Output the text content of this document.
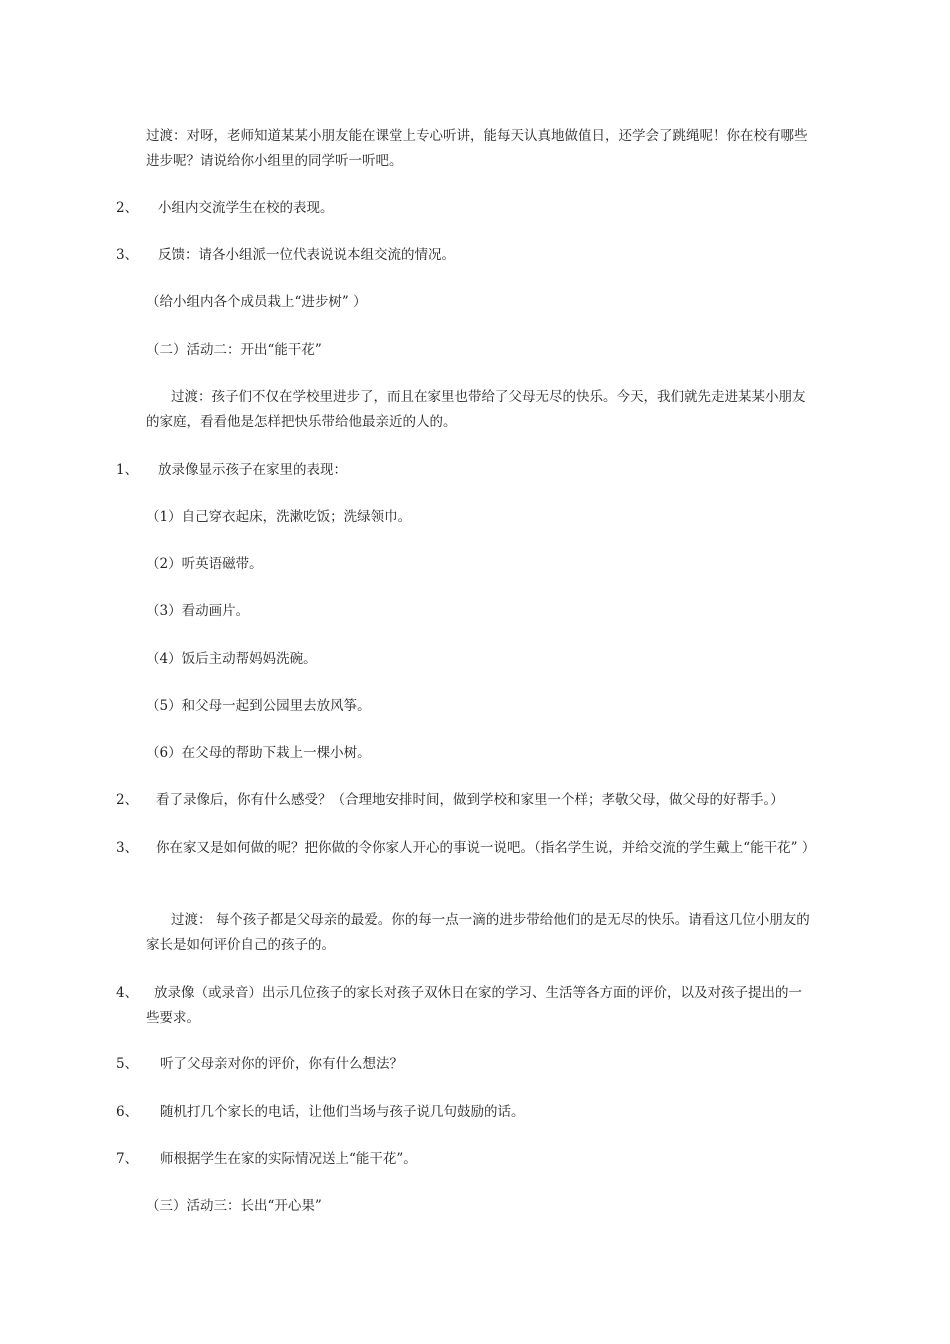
过渡：对呀，老师知道某某小朋友能在课堂上专心听讲，能每天认真地做值日，还学会了跳绳呢！你在校有哪些进步呢？请说给你小组里的同学听一听吧。
2、 小组内交流学生在校的表现。
3、 反馈：请各小组派一位代表说说本组交流的情况。
（给小组内各个成员栽上“进步树” ）
（二）活动二：开出“能干花”
过渡：孩子们不仅在学校里进步了，而且在家里也带给了父母无尽的快乐。今天，我们就先走进某某小朋友的家庭，看看他是怎样把快乐带给他最亲近的人的。
1、 放录像显示孩子在家里的表现：
（1）自己穿衣起床，洗漱吃饭；洗绿领巾。
（2）听英语磁带。
（3）看动画片。
（4）饭后主动帮妈妈洗碗。
（5）和父母一起到公园里去放风筝。
（6）在父母的帮助下栽上一棵小树。
2、 看了录像后，你有什么感受？（合理地安排时间，做到学校和家里一个样；孝敬父母，做父母的好帮手。）
3、	你在家又是如何做的呢？把你做的令你家人开心的事说一说吧。（指名学生说，并给交流的学生戴上“能干花” ）
过渡： 每个孩子都是父母亲的最爱。你的每一点一滴的进步带给他们的是无尽的快乐。请看这几位小朋友的家长是如何评价自己的孩子的。
4、	放录像（或录音）出示几位孩子的家长对孩子双休日在家的学习、生活等各方面的评价，以及对孩子提出的一些要求。
5、 听了父母亲对你的评价，你有什么想法？
6、 随机打几个家长的电话，让他们当场与孩子说几句鼓励的话。
7、 师根据学生在家的实际情况送上“能干花”。
（三）活动三：长出“开心果”
